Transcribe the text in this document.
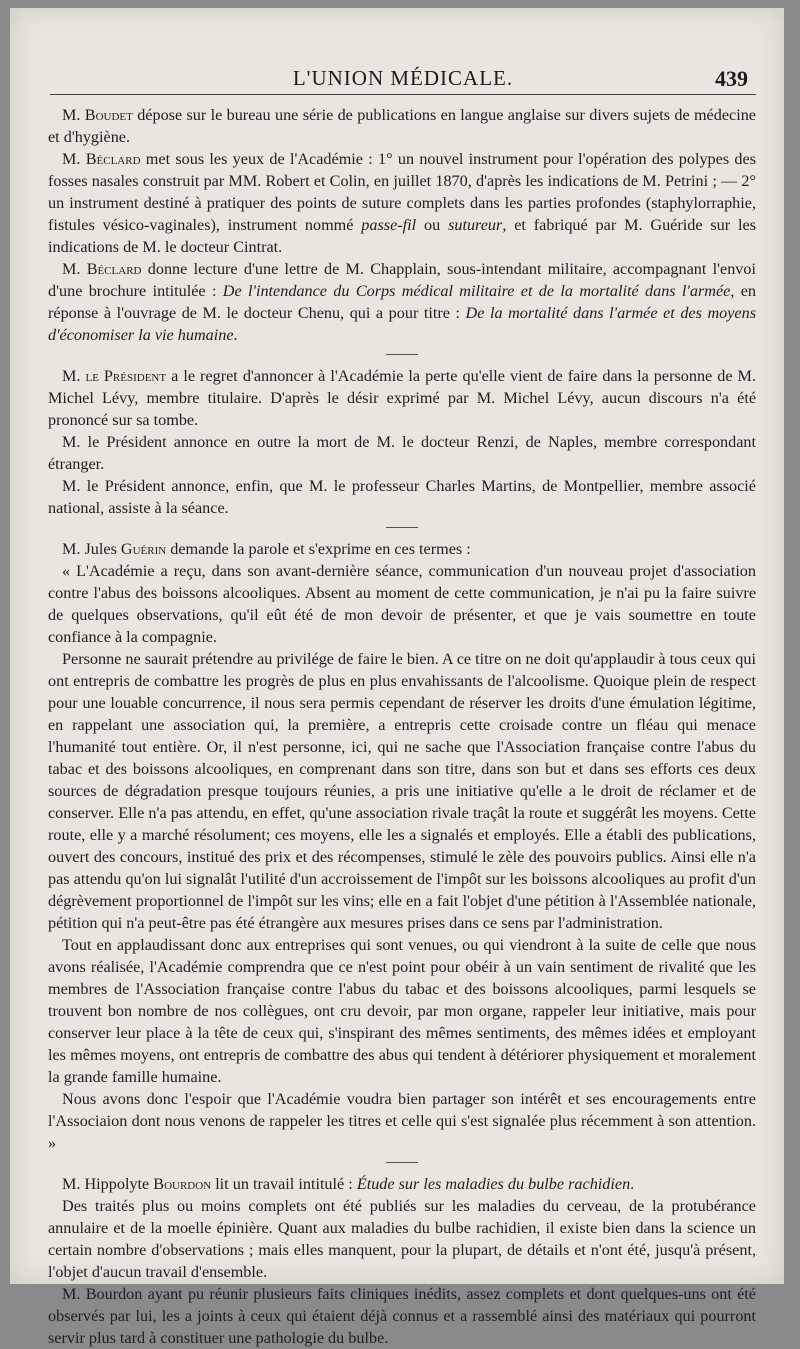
L'UNION MÉDICALE.	439

M. Boudet dépose sur le bureau une série de publications en langue anglaise sur divers sujets de médecine et d'hygiène.

M. Béclard met sous les yeux de l'Académie : 1° un nouvel instrument pour l'opération des polypes des fosses nasales construit par MM. Robert et Colin, en juillet 1870, d'après les indications de M. Petrini ; — 2° un instrument destiné à pratiquer des points de suture complets dans les parties profondes (staphylorraphie, fistules vésico-vaginales), instrument nommé passe-fil ou sutureur, et fabriqué par M. Guéride sur les indications de M. le docteur Cintrat.

M. Béclard donne lecture d'une lettre de M. Chapplain, sous-intendant militaire, accompagnant l'envoi d'une brochure intitulée : De l'intendance du Corps médical militaire et de la mortalité dans l'armée, en réponse à l'ouvrage de M. le docteur Chenu, qui a pour titre : De la mortalité dans l'armée et des moyens d'économiser la vie humaine.

M. le Président a le regret d'annoncer à l'Académie la perte qu'elle vient de faire dans la personne de M. Michel Lévy, membre titulaire. D'après le désir exprimé par M. Michel Lévy, aucun discours n'a été prononcé sur sa tombe.

M. le Président annonce en outre la mort de M. le docteur Renzi, de Naples, membre correspondant étranger.

M. le Président annonce, enfin, que M. le professeur Charles Martins, de Montpellier, membre associé national, assiste à la séance.

M. Jules Guérin demande la parole et s'exprime en ces termes :

« L'Académie a reçu, dans son avant-dernière séance, communication d'un nouveau projet d'association contre l'abus des boissons alcooliques. Absent au moment de cette communication, je n'ai pu la faire suivre de quelques observations, qu'il eût été de mon devoir de présenter, et que je vais soumettre en toute confiance à la compagnie.

Personne ne saurait prétendre au privilége de faire le bien. A ce titre on ne doit qu'applaudir à tous ceux qui ont entrepris de combattre les progrès de plus en plus envahissants de l'alcoolisme. Quoique plein de respect pour une louable concurrence, il nous sera permis cependant de réserver les droits d'une émulation légitime, en rappelant une association qui, la première, a entrepris cette croisade contre un fléau qui menace l'humanité tout entière. Or, il n'est personne, ici, qui ne sache que l'Association française contre l'abus du tabac et des boissons alcooliques, en comprenant dans son titre, dans son but et dans ses efforts ces deux sources de dégradation presque toujours réunies, a pris une initiative qu'elle a le droit de réclamer et de conserver. Elle n'a pas attendu, en effet, qu'une association rivale traçât la route et suggérât les moyens. Cette route, elle y a marché résolument; ces moyens, elle les a signalés et employés. Elle a établi des publications, ouvert des concours, institué des prix et des récompenses, stimulé le zèle des pouvoirs publics. Ainsi elle n'a pas attendu qu'on lui signalât l'utilité d'un accroissement de l'impôt sur les boissons alcooliques au profit d'un dégrèvement proportionnel de l'impôt sur les vins; elle en a fait l'objet d'une pétition à l'Assemblée nationale, pétition qui n'a peut-être pas été étrangère aux mesures prises dans ce sens par l'administration.

Tout en applaudissant donc aux entreprises qui sont venues, ou qui viendront à la suite de celle que nous avons réalisée, l'Académie comprendra que ce n'est point pour obéir à un vain sentiment de rivalité que les membres de l'Association française contre l'abus du tabac et des boissons alcooliques, parmi lesquels se trouvent bon nombre de nos collègues, ont cru devoir, par mon organe, rappeler leur initiative, mais pour conserver leur place à la tête de ceux qui, s'inspirant des mêmes sentiments, des mêmes idées et employant les mêmes moyens, ont entrepris de combattre des abus qui tendent à détériorer physiquement et moralement la grande famille humaine.

Nous avons donc l'espoir que l'Académie voudra bien partager son intérêt et ses encouragements entre l'Associaion dont nous venons de rappeler les titres et celle qui s'est signalée plus récemment à son attention. »

M. Hippolyte Bourdon lit un travail intitulé : Étude sur les maladies du bulbe rachidien.

Des traités plus ou moins complets ont été publiés sur les maladies du cerveau, de la protubérance annulaire et de la moelle épinière. Quant aux maladies du bulbe rachidien, il existe bien dans la science un certain nombre d'observations ; mais elles manquent, pour la plupart, de détails et n'ont été, jusqu'à présent, l'objet d'aucun travail d'ensemble.

M. Bourdon ayant pu réunir plusieurs faits cliniques inédits, assez complets et dont quelques-uns ont été observés par lui, les a joints à ceux qui étaient déjà connus et a rassemblé ainsi des matériaux qui pourront servir plus tard à constituer une pathologie du bulbe.
